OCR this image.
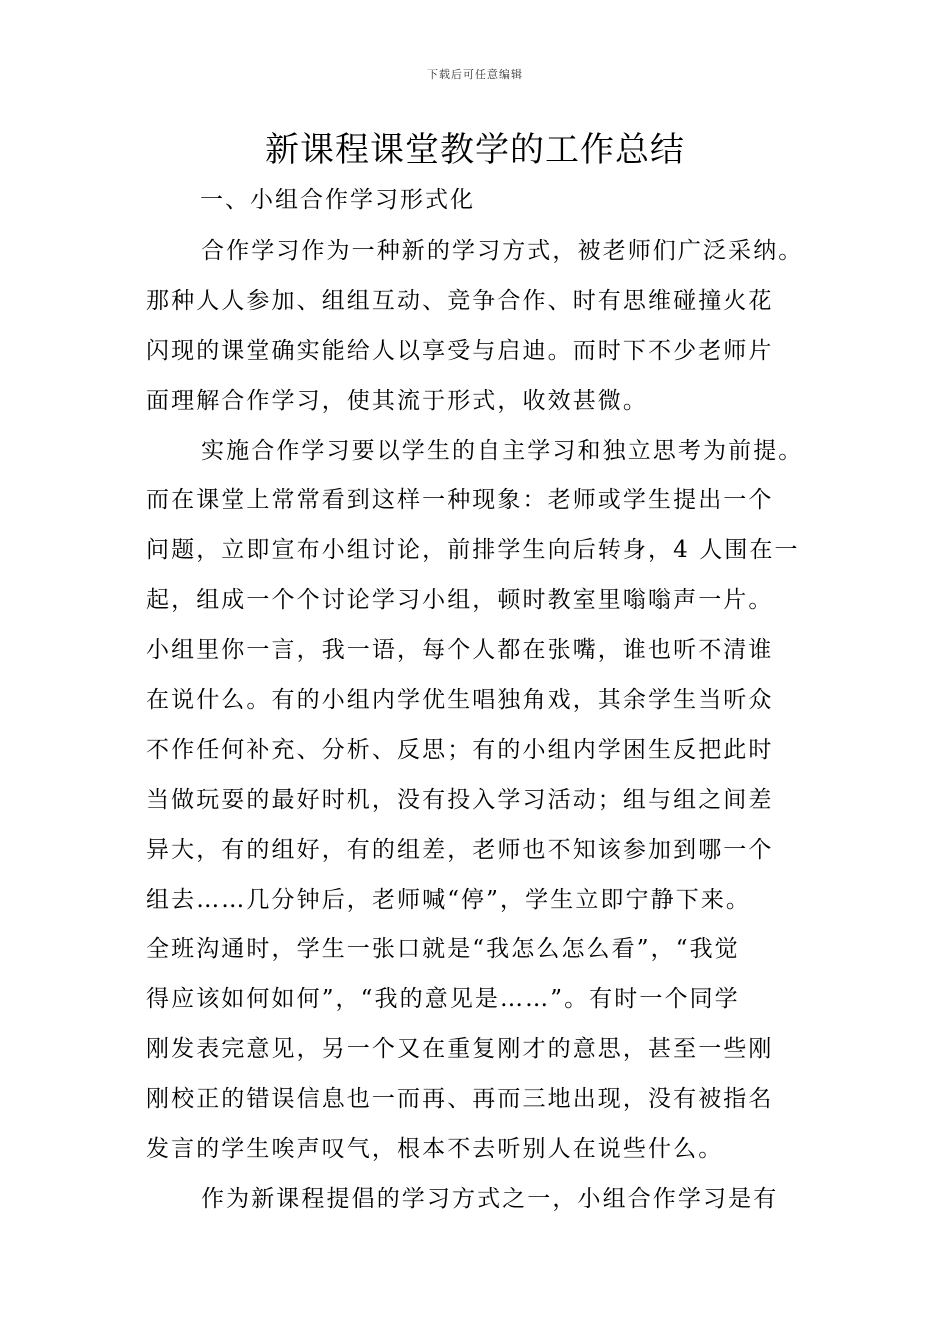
下载后可任意编辑
新课程课堂教学的工作总结
一、小组合作学习形式化

合作学习作为一种新的学习方式，被老师们广泛采纳。
那种人人参加、组组互动、竞争合作、时有思维碰撞火花
闪现的课堂确实能给人以享受与启迪。而时下不少老师片
面理解合作学习，使其流于形式，收效甚微。

实施合作学习要以学生的自主学习和独立思考为前提。
而在课堂上常常看到这样一种现象：老师或学生提出一个
问题，立即宣布小组讨论，前排学生向后转身，4 人围在一
起，组成一个个讨论学习小组，顿时教室里嗡嗡声一片。
小组里你一言，我一语，每个人都在张嘴，谁也听不清谁
在说什么。有的小组内学优生唱独角戏，其余学生当听众
不作任何补充、分析、反思；有的小组内学困生反把此时
当做玩耍的最好时机，没有投入学习活动；组与组之间差
异大，有的组好，有的组差，老师也不知该参加到哪一个
组去……几分钟后，老师喊“停”，学生立即宁静下来。
全班沟通时，学生一张口就是“我怎么怎么看”，“我觉
得应该如何如何”，“我的意见是……”。有时一个同学
刚发表完意见，另一个又在重复刚才的意思，甚至一些刚
刚校正的错误信息也一而再、再而三地出现，没有被指名
发言的学生唉声叹气，根本不去听别人在说些什么。

作为新课程提倡的学习方式之一，小组合作学习是有
